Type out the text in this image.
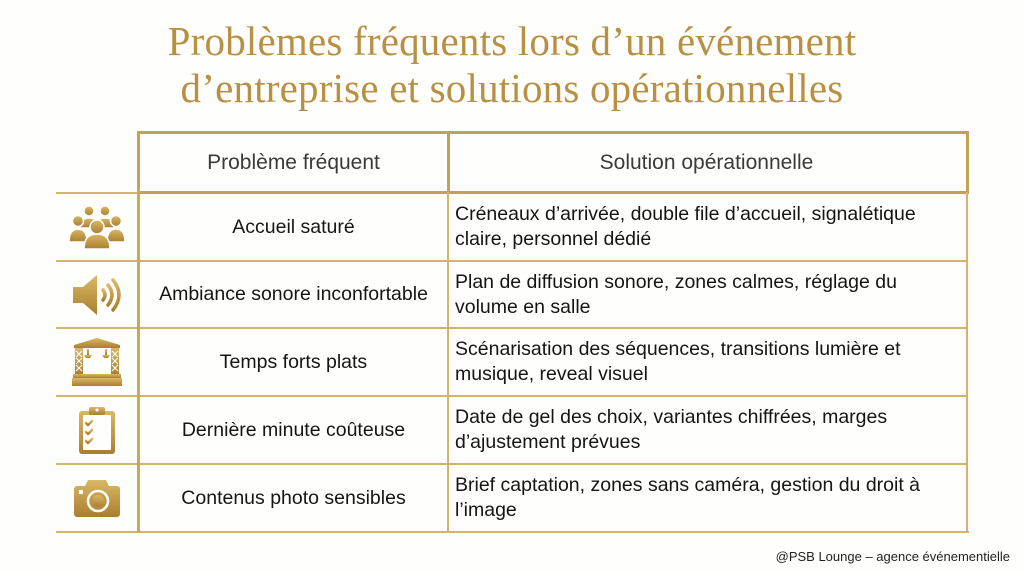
Problèmes fréquents lors d’un événement
d’entreprise et solutions opérationnelles
Problème fréquent	Solution opérationnelle
Accueil saturé
Créneaux d’arrivée, double file d’accueil, signalétique claire, personnel dédié
Ambiance sonore inconfortable
Plan de diffusion sonore, zones calmes, réglage du volume en salle
Temps forts plats
Scénarisation des séquences, transitions lumière et musique, reveal visuel
Dernière minute coûteuse
Date de gel des choix, variantes chiffrées, marges d’ajustement prévues
Contenus photo sensibles
Brief captation, zones sans caméra, gestion du droit à l’image
@PSB Lounge – agence événementielle
